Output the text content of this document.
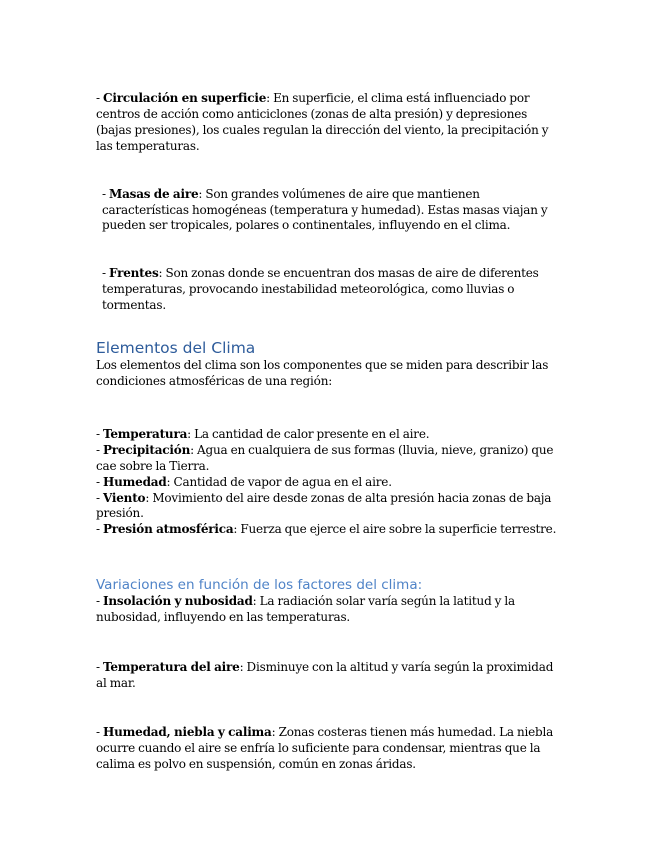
- Circulación en superficie: En superficie, el clima está influenciado por centros de acción como anticiclones (zonas de alta presión) y depresiones (bajas presiones), los cuales regulan la dirección del viento, la precipitación y las temperaturas.

- Masas de aire: Son grandes volúmenes de aire que mantienen características homogéneas (temperatura y humedad). Estas masas viajan y pueden ser tropicales, polares o continentales, influyendo en el clima.

- Frentes: Son zonas donde se encuentran dos masas de aire de diferentes temperaturas, provocando inestabilidad meteorológica, como lluvias o tormentas.

Elementos del Clima

Los elementos del clima son los componentes que se miden para describir las condiciones atmosféricas de una región:

- Temperatura: La cantidad de calor presente en el aire.

- Precipitación: Agua en cualquiera de sus formas (lluvia, nieve, granizo) que cae sobre la Tierra.

- Humedad: Cantidad de vapor de agua en el aire.

- Viento: Movimiento del aire desde zonas de alta presión hacia zonas de baja presión.

- Presión atmosférica: Fuerza que ejerce el aire sobre la superficie terrestre.

Variaciones en función de los factores del clima:

- Insolación y nubosidad: La radiación solar varía según la latitud y la nubosidad, influyendo en las temperaturas.

- Temperatura del aire: Disminuye con la altitud y varía según la proximidad al mar.

- Humedad, niebla y calima: Zonas costeras tienen más humedad. La niebla ocurre cuando el aire se enfría lo suficiente para condensar, mientras que la calima es polvo en suspensión, común en zonas áridas.
